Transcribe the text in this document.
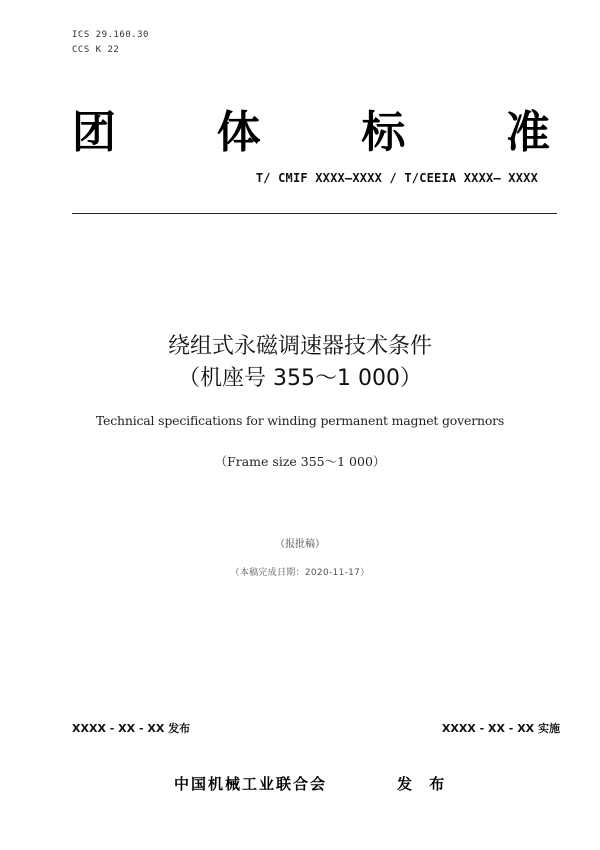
ICS 29.160.30
CCS K 22
团 体 标 准
T/ CMIF XXXX—XXXX / T/CEEIA XXXX— XXXX
绕组式永磁调速器技术条件
（机座号 355～1 000）
Technical specifications for winding permanent magnet governors
（Frame size 355～1 000）
（报批稿）
（本稿完成日期：2020-11-17）
XXXX - XX - XX 发布	XXXX - XX - XX 实施
中国机械工业联合会	发 布
